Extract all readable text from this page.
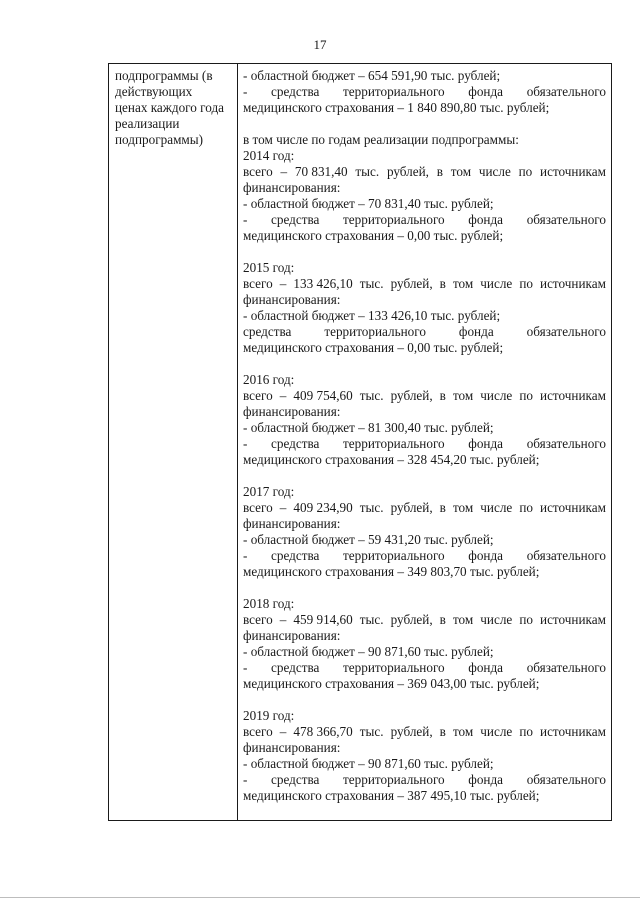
17
подпрограммы (в
действующих
ценах каждого года
реализации
подпрограммы)
- областной бюджет – 654 591,90 тыс. рублей;
- средства территориального фонда обязательного
медицинского страхования – 1 840 890,80 тыс. рублей;
в том числе по годам реализации подпрограммы:
2014 год:
всего – 70 831,40 тыс. рублей, в том числе по источникам
финансирования:
- областной бюджет – 70 831,40 тыс. рублей;
- средства территориального фонда обязательного
медицинского страхования – 0,00 тыс. рублей;
2015 год:
всего – 133 426,10 тыс. рублей, в том числе по источникам
финансирования:
- областной бюджет – 133 426,10 тыс. рублей;
средства территориального фонда обязательного
медицинского страхования – 0,00 тыс. рублей;
2016 год:
всего – 409 754,60 тыс. рублей, в том числе по источникам
финансирования:
- областной бюджет – 81 300,40 тыс. рублей;
- средства территориального фонда обязательного
медицинского страхования – 328 454,20 тыс. рублей;
2017 год:
всего – 409 234,90 тыс. рублей, в том числе по источникам
финансирования:
- областной бюджет – 59 431,20 тыс. рублей;
- средства территориального фонда обязательного
медицинского страхования – 349 803,70 тыс. рублей;
2018 год:
всего – 459 914,60 тыс. рублей, в том числе по источникам
финансирования:
- областной бюджет – 90 871,60 тыс. рублей;
- средства территориального фонда обязательного
медицинского страхования – 369 043,00 тыс. рублей;
2019 год:
всего – 478 366,70 тыс. рублей, в том числе по источникам
финансирования:
- областной бюджет – 90 871,60 тыс. рублей;
- средства территориального фонда обязательного
медицинского страхования – 387 495,10 тыс. рублей;
